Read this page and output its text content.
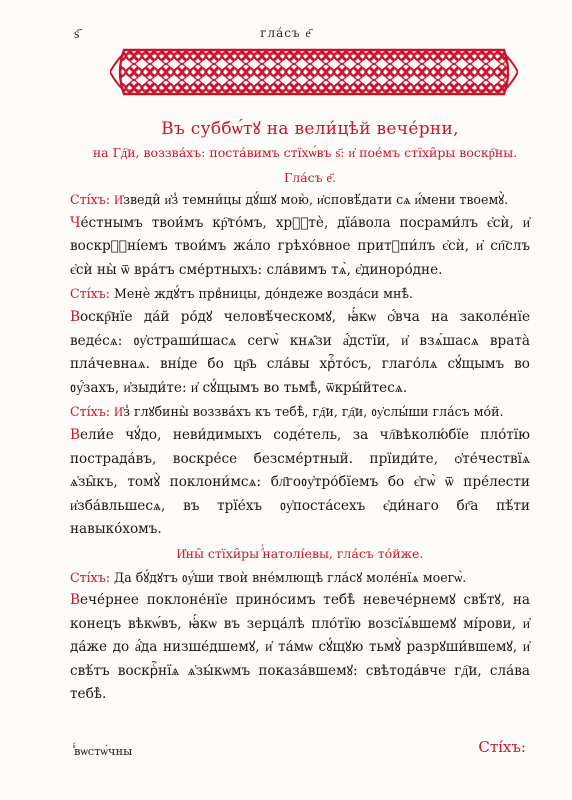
ѕ҃	гла́съ е҃
Въ суббѡ́тꙋ на вели́цѣй вече́рни,
на Гд҇и, воззва́хъ: поста́вимъ стїхѡ́въ ѕ҃: и҆ пое́мъ стїхи̑ры воскр҇ны.
Гла́съ е҃.

Сті́хъ: И҆зведи̂ и҆з̾ темни́цы дꙋ́шꙋ мою̀, и҆сповѣ́дати сѧ и҆́мени твоемꙋ̀.

Че́стнымъ твои́мъ кр҇то́мъ, хрⷭ҇тѐ, дїа́вола посрами́лъ є҆сѝ, и҆ воскрⷭ҇ні́емъ твои́мъ жа́ло грѣхо́вное притꙋпи́лъ є҆сѝ, и҆ сп҇слъ є҆сѝ ны̀ ѿ вра́тъ сме́ртныхъ: сла́вимъ тѧ̀, є҆диноро́дне.

Сті́хъ: Менѐ ждꙋ́тъ првⷣницы, до́ндеже возда́си мнѣ̀.

Воскр҇нїе да́й ро́дꙋ человѣ́ческомꙋ, ꙗ҆́кѡ ѻ҆́вча на заколе́нїе веде́сѧ: ᲂу҆страши́шасѧ сегѡ̀ кнѧ̑зи а҆́дстїи, и҆ взѧ́шасѧ врата̀ пла́чевнаѧ. вні́де бо цр҃ь сла́вы хрⷭ҇то́съ, глаго́лѧ сꙋ́щымъ во ᲂу҆́захъ, и҆зыди́те: и҆ сꙋ́щымъ во тьмѣ̀, ѿкры́йтесѧ.

Сті́хъ: И҆з̾ глꙋбины̀ воззва́хъ къ тебѣ̀, гд҇и, гд҇и, ᲂу҆слы́ши гла́съ мо́й.

Вели́е чꙋ́до, неви́димыхъ соде́тель, за чл҇вѣколю́бїе пло́тїю пострада́въ, воскре́се безсме́ртный. прїиди́те, ѻ҆те́чествїѧ ѧ҆зы̑къ, томꙋ̀ поклони́мсѧ: бл҃гоᲂу҆тро́бїемъ бо є҆гѡ̀ ѿ пре́лести и҆зба́вльшесѧ, въ трїе́хъ ᲂу҆поста́сехъ є҆ди́наго бг҃а пѣ́ти навыко́хомъ.

И҆ны̑ стїхи̑ры ⷶ҆натолі́евы, гла́съ то́йже.

Сті́хъ: Да бꙋ́дꙋтъ ᲂу҆́ши твоѝ вне́млющѣ гла́сꙋ моле́нїѧ моегѡ̀.

Вече́рнее поклоне́нїе прино́симъ тебѣ̀ невече́рнемꙋ свѣ́тꙋ, на конецъ вѣкѡ́въ, ꙗ҆́кѡ въ зерца́лѣ пло́тїю возсїѧ́вшемꙋ мі́рови, и҆ да́же до а҆́да низше́дшемꙋ, и҆ та́мѡ сꙋ́щꙋю тьмꙋ̀ разрꙋши́вшемꙋ, и҆ свѣ́тъ воскрⷭ҇нїѧ ѧ҆зы́кѡмъ показа́вшемꙋ: свѣтода́вче гд҇и, сла́ва тебѣ̀.

ⷡ҆вѡстѡ́чны	Сті́хъ:
